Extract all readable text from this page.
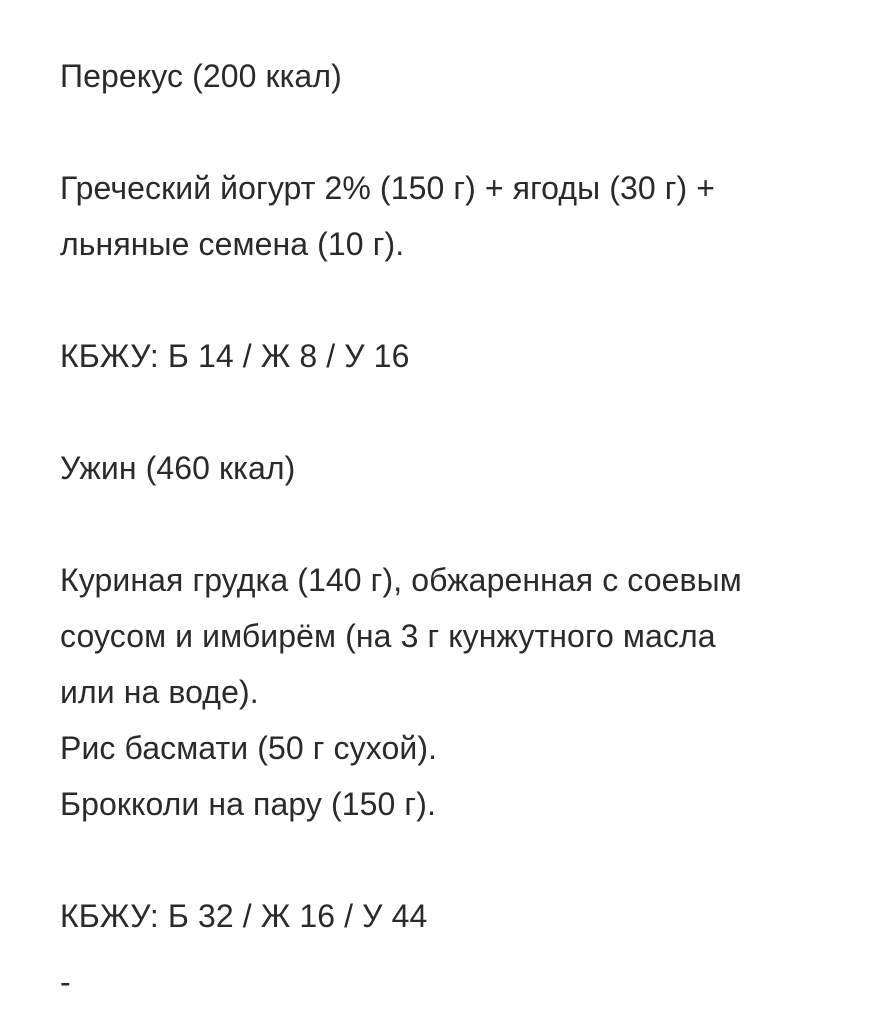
Перекус (200 ккал)
Греческий йогурт 2% (150 г) + ягоды (30 г) +
льняные семена (10 г).
КБЖУ: Б 14 / Ж 8 / У 16
Ужин (460 ккал)
Куриная грудка (140 г), обжаренная с соевым
соусом и имбирём (на 3 г кунжутного масла
или на воде).
Рис басмати (50 г сухой).
Брокколи на пару (150 г).
КБЖУ: Б 32 / Ж 16 / У 44
-
